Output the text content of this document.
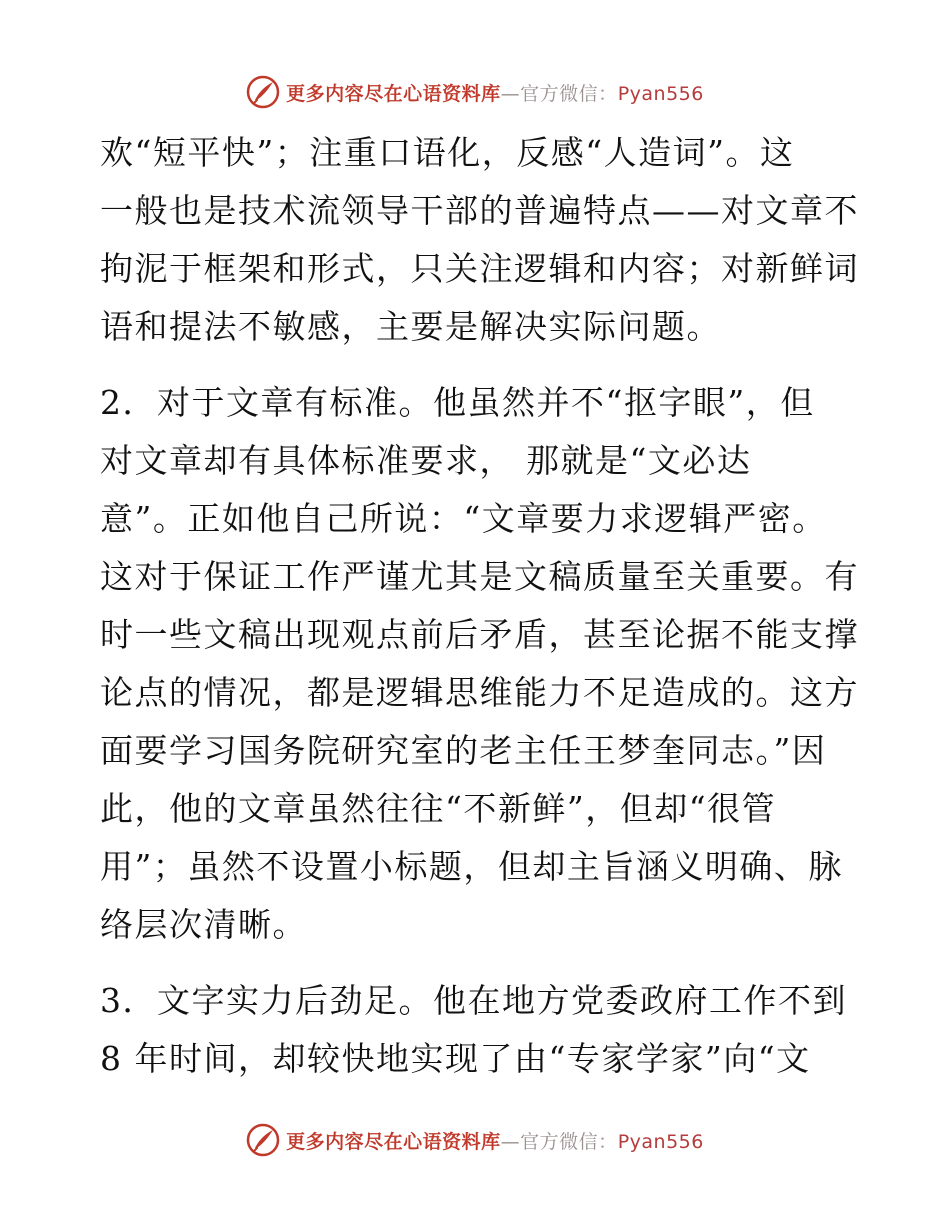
更多内容尽在心语资料库—官方微信：Pyan556
欢“短平快”；注重口语化，反感“人造词”。这
一般也是技术流领导干部的普遍特点——对文章不
拘泥于框架和形式，只关注逻辑和内容；对新鲜词
语和提法不敏感，主要是解决实际问题。
2．对于文章有标准。他虽然并不“抠字眼”，但
对文章却有具体标准要求， 那就是“文必达
意”。正如他自己所说：“文章要力求逻辑严密。
这对于保证工作严谨尤其是文稿质量至关重要。有
时一些文稿出现观点前后矛盾，甚至论据不能支撑
论点的情况，都是逻辑思维能力不足造成的。这方
面要学习国务院研究室的老主任王梦奎同志。”因
此，他的文章虽然往往“不新鲜”，但却“很管
用”；虽然不设置小标题，但却主旨涵义明确、脉
络层次清晰。
3．文字实力后劲足。他在地方党委政府工作不到
8 年时间，却较快地实现了由“专家学家”向“文
更多内容尽在心语资料库—官方微信：Pyan556
